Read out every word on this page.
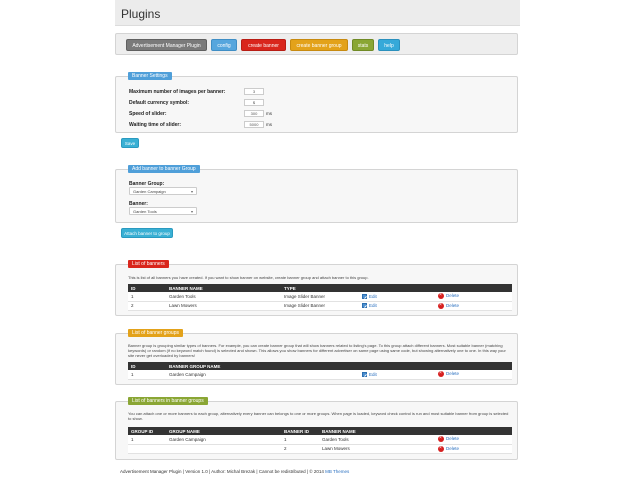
Plugins
Advertisement Manager Plugin	config	create banner	create banner group	stats	help
Banner Settings
Maximum number of images per banner:	3
Default currency symbol:	$
Speed of slider:	300	ms
Waiting time of slider:	5000	ms
Save
Add banner to banner Group
Banner Group:
Garden Campaign	▾
Banner:
Garden Tools	▾
Attach banner to group
List of banners
This is list of all banners you have created. If you want to show banner on website, create banner group and attach banner to this group.
ID	BANNER NAME	TYPE		
1	Garden Tools	Image Slider Banner	Edit	×Delete
2	Lawn Mowers	Image Slider Banner	Edit	×Delete
List of banner groups
Banner group is grouping similar types of banners. For example, you can create banner group that will show banners related to listing's page. To this group attach different banners. Most suitable banner (matching keywords) or random (if no keyword match found) is selected and shown. This allows you show banners for different advertiser on same page using same code, but showing alternatively one to one. In this way your site never get overloaded by banners!
ID	BANNER GROUP NAME		
1	Garden Campaign	Edit	×Delete
List of banners in banner groups
You can attach one or more banners to each group, alternatively every banner can belongs to one or more groups. When page is loaded, keyword check control is run and most suitable banner from group is selected to show.
GROUP ID	GROUP NAME	BANNER ID	BANNER NAME	
1	Garden Campaign	1	Garden Tools	×Delete
		2	Lawn Mowers	×Delete
Advertisement Manager Plugin | Version 1.0 | Author: Michal Brezak | Cannot be redistributed | © 2014 MB Themes
